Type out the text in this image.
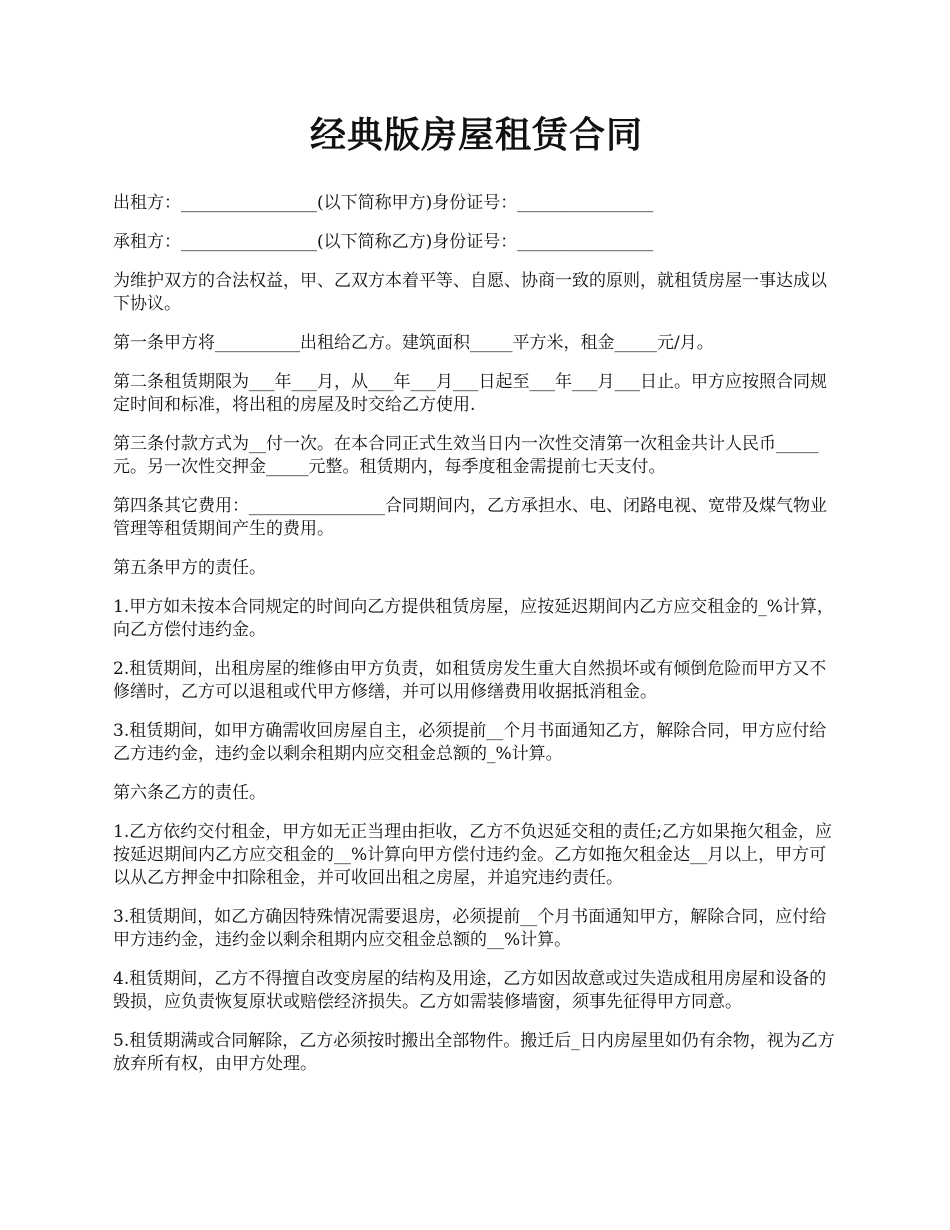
经典版房屋租赁合同

出租方：________________(以下简称甲方)身份证号：________________

承租方：________________(以下简称乙方)身份证号：________________

为维护双方的合法权益，甲、乙双方本着平等、自愿、协商一致的原则，就租赁房屋一事达成以下协议。

第一条甲方将__________出租给乙方。建筑面积_____平方米，租金_____元/月。

第二条租赁期限为___年___月，从___年___月___日起至___年___月___日止。甲方应按照合同规定时间和标准，将出租的房屋及时交给乙方使用.

第三条付款方式为__付一次。在本合同正式生效当日内一次性交清第一次租金共计人民币_____元。另一次性交押金_____元整。租赁期内，每季度租金需提前七天支付。

第四条其它费用：________________合同期间内，乙方承担水、电、闭路电视、宽带及煤气物业管理等租赁期间产生的费用。

第五条甲方的责任。

1.甲方如未按本合同规定的时间向乙方提供租赁房屋，应按延迟期间内乙方应交租金的_%计算，向乙方偿付违约金。

2.租赁期间，出租房屋的维修由甲方负责，如租赁房发生重大自然损坏或有倾倒危险而甲方又不修缮时，乙方可以退租或代甲方修缮，并可以用修缮费用收据抵消租金。

3.租赁期间，如甲方确需收回房屋自主，必须提前__个月书面通知乙方，解除合同，甲方应付给乙方违约金，违约金以剩余租期内应交租金总额的_%计算。

第六条乙方的责任。

1.乙方依约交付租金，甲方如无正当理由拒收，乙方不负迟延交租的责任;乙方如果拖欠租金，应按延迟期间内乙方应交租金的__%计算向甲方偿付违约金。乙方如拖欠租金达__月以上，甲方可以从乙方押金中扣除租金，并可收回出租之房屋，并追究违约责任。

3.租赁期间，如乙方确因特殊情况需要退房，必须提前__个月书面通知甲方，解除合同，应付给甲方违约金，违约金以剩余租期内应交租金总额的__%计算。

4.租赁期间，乙方不得擅自改变房屋的结构及用途，乙方如因故意或过失造成租用房屋和设备的毁损，应负责恢复原状或赔偿经济损失。乙方如需装修墙窗，须事先征得甲方同意。

5.租赁期满或合同解除，乙方必须按时搬出全部物件。搬迁后_日内房屋里如仍有余物，视为乙方放弃所有权，由甲方处理。
